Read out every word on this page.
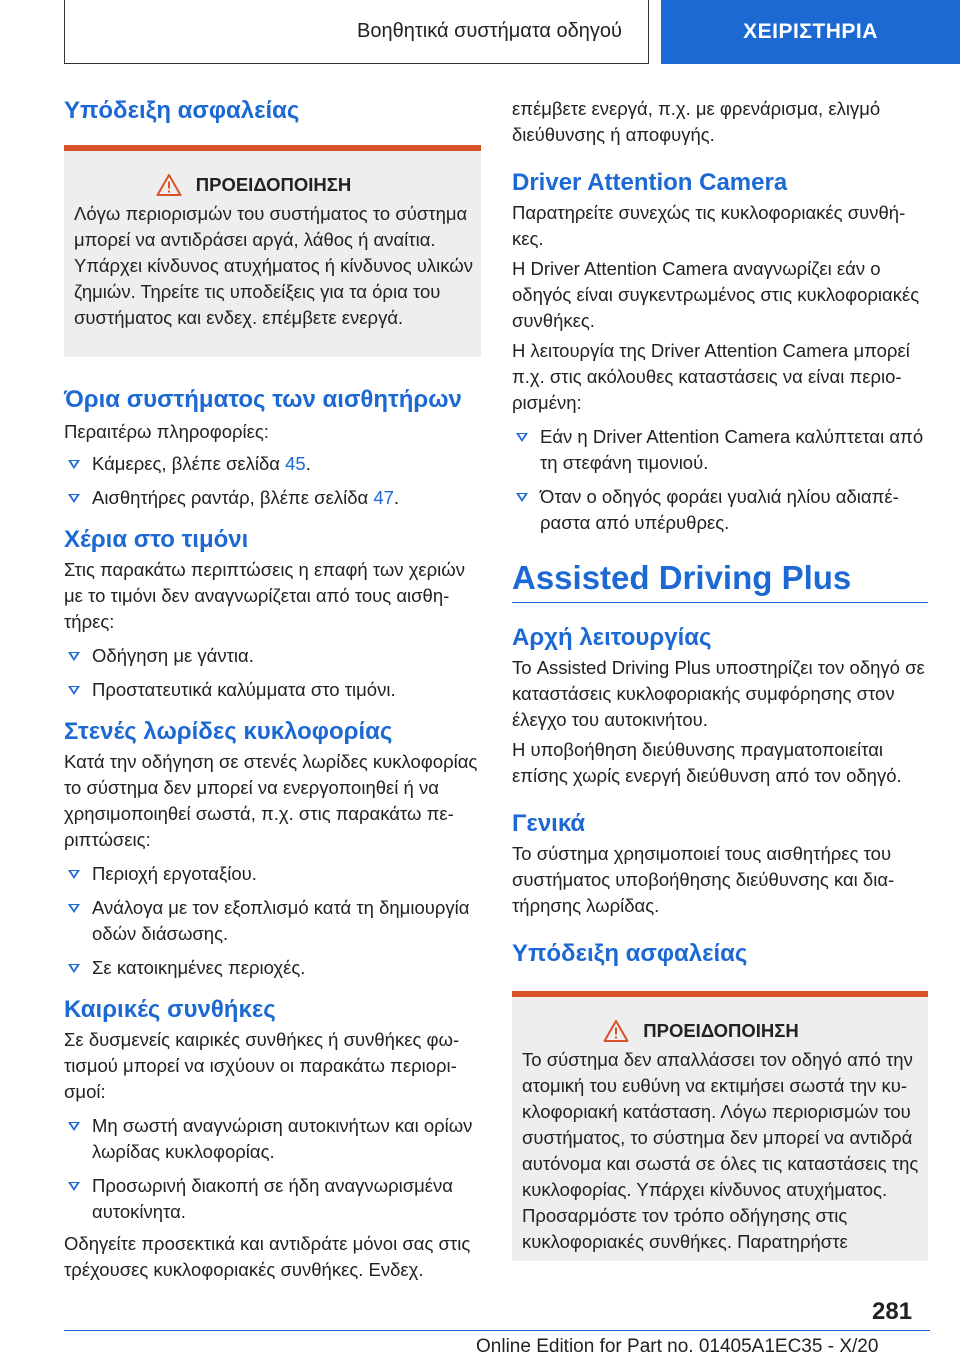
Βοηθητικά συστήματα οδηγού	ΧΕΙΡΙΣΤΗΡΙΑ
Υπόδειξη ασφαλείας
ΠΡΟΕΙΔΟΠΟΙΗΣΗ

Λόγω περιορισμών του συστήματος το σύστημα μπορεί να αντιδράσει αργά, λάθος ή αναίτια. Υπάρχει κίνδυνος ατυχήματος ή κίνδυνος υλικών ζημιών. Τηρείτε τις υποδείξεις για τα όρια του συστήματος και ενδεχ. επέμβετε ενεργά.

Όρια συστήματος των αισθητήρων

Περαιτέρω πληροφορίες:

Κάμερες, βλέπε σελίδα 45.
Αισθητήρες ραντάρ, βλέπε σελίδα 47.
Χέρια στο τιμόνι

Στις παρακάτω περιπτώσεις η επαφή των χεριών με το τιμόνι δεν αναγνωρίζεται από τους αισθητήρες:

Οδήγηση με γάντια.
Προστατευτικά καλύμματα στο τιμόνι.
Στενές λωρίδες κυκλοφορίας

Κατά την οδήγηση σε στενές λωρίδες κυκλοφορίας το σύστημα δεν μπορεί να ενεργοποιηθεί ή να χρησιμοποιηθεί σωστά, π.χ. στις παρακάτω περιπτώσεις:

Περιοχή εργοταξίου.
Ανάλογα με τον εξοπλισμό κατά τη δημιουργία οδών διάσωσης.
Σε κατοικημένες περιοχές.
Καιρικές συνθήκες

Σε δυσμενείς καιρικές συνθήκες ή συνθήκες φωτισμού μπορεί να ισχύουν οι παρακάτω περιορισμοί:

Μη σωστή αναγνώριση αυτοκινήτων και ορίων λωρίδας κυκλοφορίας.
Προσωρινή διακοπή σε ήδη αναγνωρισμένα αυτοκίνητα.

Οδηγείτε προσεκτικά και αντιδράτε μόνοι σας στις τρέχουσες κυκλοφοριακές συνθήκες. Ενδεχ.

επέμβετε ενεργά, π.χ. με φρενάρισμα, ελιγμό διεύθυνσης ή αποφυγής.

Driver Attention Camera

Παρατηρείτε συνεχώς τις κυκλοφοριακές συνθήκες.

Η Driver Attention Camera αναγνωρίζει εάν ο οδηγός είναι συγκεντρωμένος στις κυκλοφοριακές συνθήκες.

Η λειτουργία της Driver Attention Camera μπορεί π.χ. στις ακόλουθες καταστάσεις να είναι περιορισμένη:

Εάν η Driver Attention Camera καλύπτεται από τη στεφάνη τιμονιού.
Όταν ο οδηγός φοράει γυαλιά ηλίου αδιαπέραστα από υπέρυθρες.
Assisted Driving Plus
Αρχή λειτουργίας

Το Assisted Driving Plus υποστηρίζει τον οδηγό σε καταστάσεις κυκλοφοριακής συμφόρησης στον έλεγχο του αυτοκινήτου.

Η υποβοήθηση διεύθυνσης πραγματοποιείται επίσης χωρίς ενεργή διεύθυνση από τον οδηγό.

Γενικά

Το σύστημα χρησιμοποιεί τους αισθητήρες του συστήματος υποβοήθησης διεύθυνσης και διατήρησης λωρίδας.

Υπόδειξη ασφαλείας
ΠΡΟΕΙΔΟΠΟΙΗΣΗ

Το σύστημα δεν απαλλάσσει τον οδηγό από την ατομική του ευθύνη να εκτιμήσει σωστά την κυκλοφοριακή κατάσταση. Λόγω περιορισμών του συστήματος, το σύστημα δεν μπορεί να αντιδρά αυτόνομα και σωστά σε όλες τις καταστάσεις της κυκλοφορίας. Υπάρχει κίνδυνος ατυχήματος. Προσαρμόστε τον τρόπο οδήγησης στις κυκλοφοριακές συνθήκες. Παρατηρήστε

281
Online Edition for Part no. 01405A1EC35 - X/20
